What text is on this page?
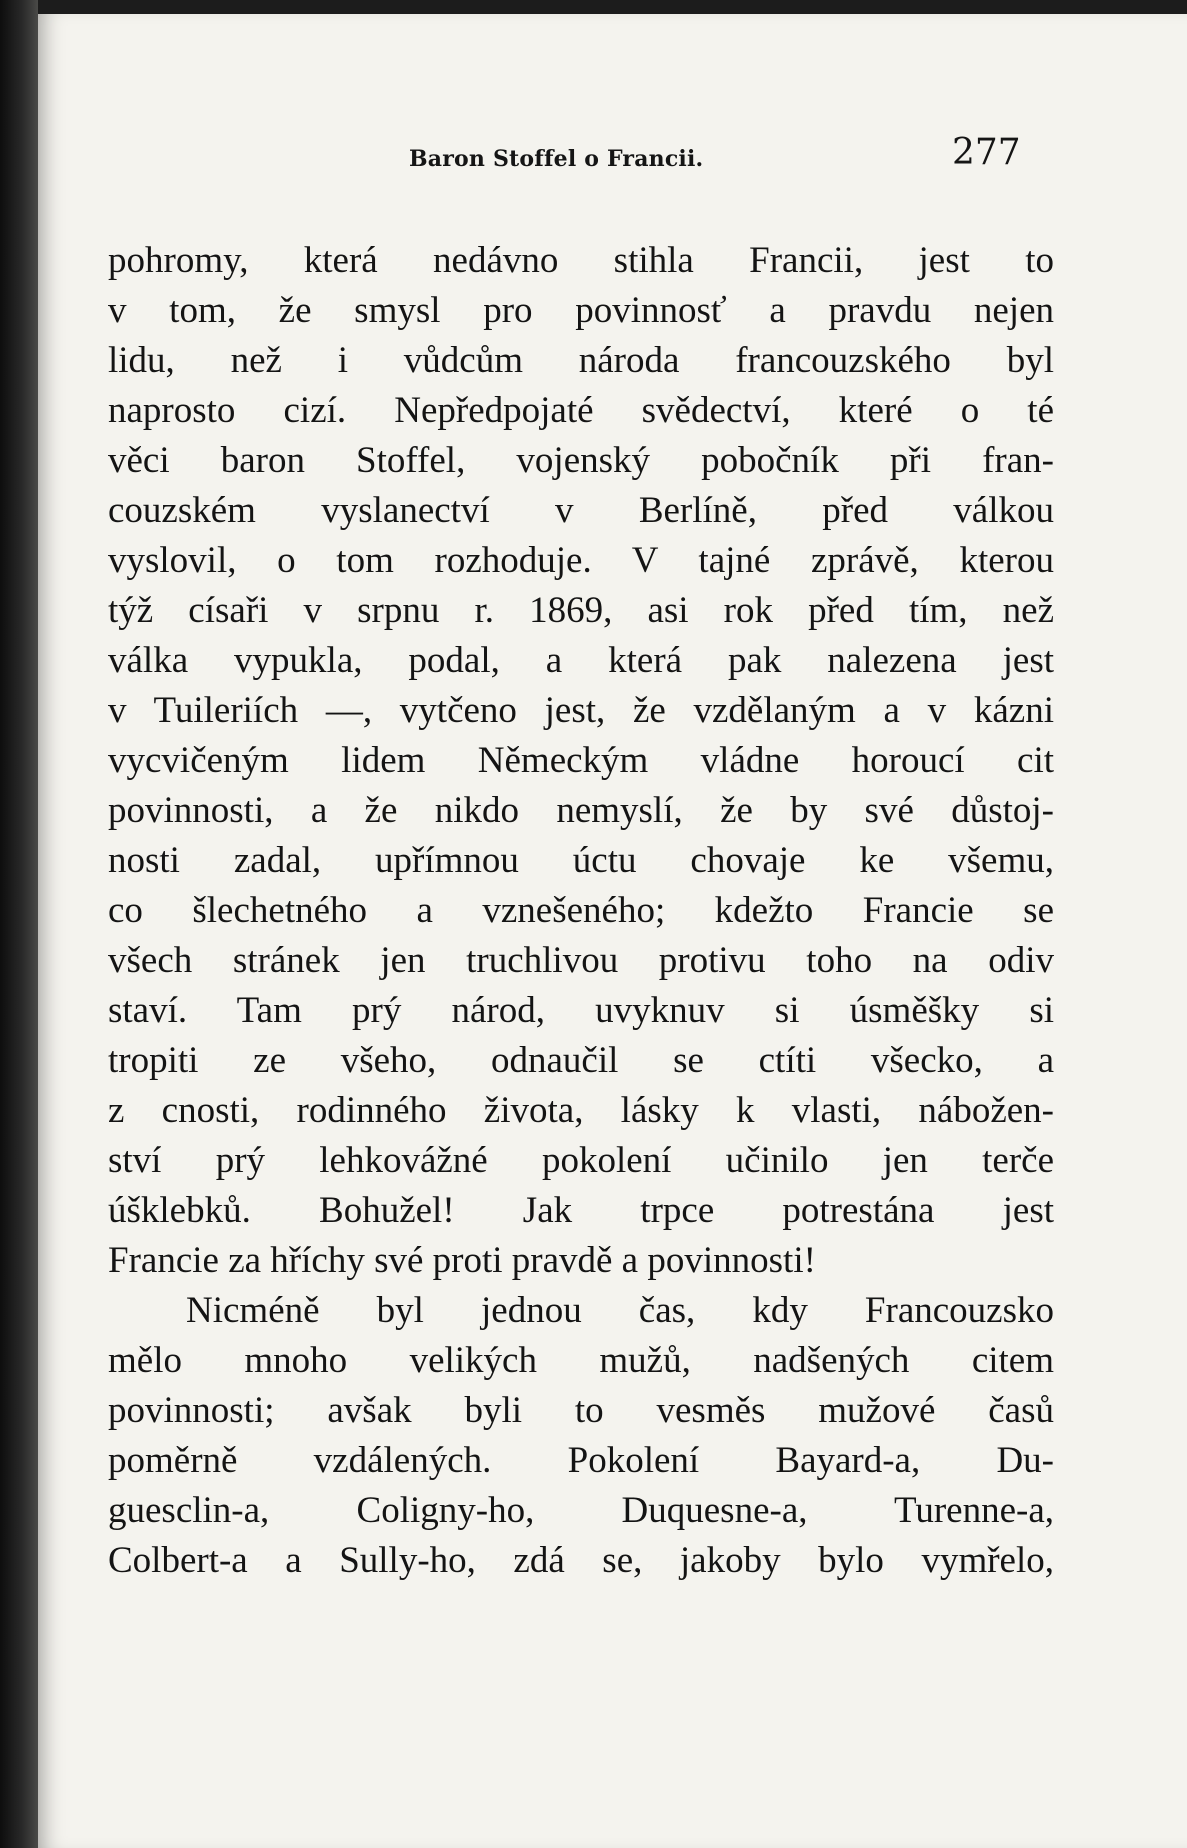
Baron Stoffel o Francii.	277
pohromy, která nedávno stihla Francii, jest to
v tom, že smysl pro povinnosť a pravdu nejen
lidu, než i vůdcům národa francouzského byl
naprosto cizí. Nepředpojaté svědectví, které o té
věci baron Stoffel, vojenský pobočník při fran-
couzském vyslanectví v Berlíně, před válkou
vyslovil, o tom rozhoduje. V tajné zprávě, kterou
týž císaři v srpnu r. 1869, asi rok před tím, než
válka vypukla, podal, a která pak nalezena jest
v Tuileriích —, vytčeno jest, že vzdělaným a v kázni
vycvičeným lidem Německým vládne horoucí cit
povinnosti, a že nikdo nemyslí, že by své důstoj-
nosti zadal, upřímnou úctu chovaje ke všemu,
co šlechetného a vznešeného; kdežto Francie se
všech stránek jen truchlivou protivu toho na odiv
staví. Tam prý národ, uvyknuv si úsměšky si
tropiti ze všeho, odnaučil se ctíti všecko, a
z cnosti, rodinného života, lásky k vlasti, nábožen-
ství prý lehkovážné pokolení učinilo jen terče
úšklebků. Bohužel! Jak trpce potrestána jest
Francie za hříchy své proti pravdě a povinnosti!
Nicméně byl jednou čas, kdy Francouzsko
mělo mnoho velikých mužů, nadšených citem
povinnosti; avšak byli to vesměs mužové časů
poměrně vzdálených. Pokolení Bayard-a, Du-
guesclin-a, Coligny-ho, Duquesne-a, Turenne-a,
Colbert-a a Sully-ho, zdá se, jakoby bylo vymřelo,
